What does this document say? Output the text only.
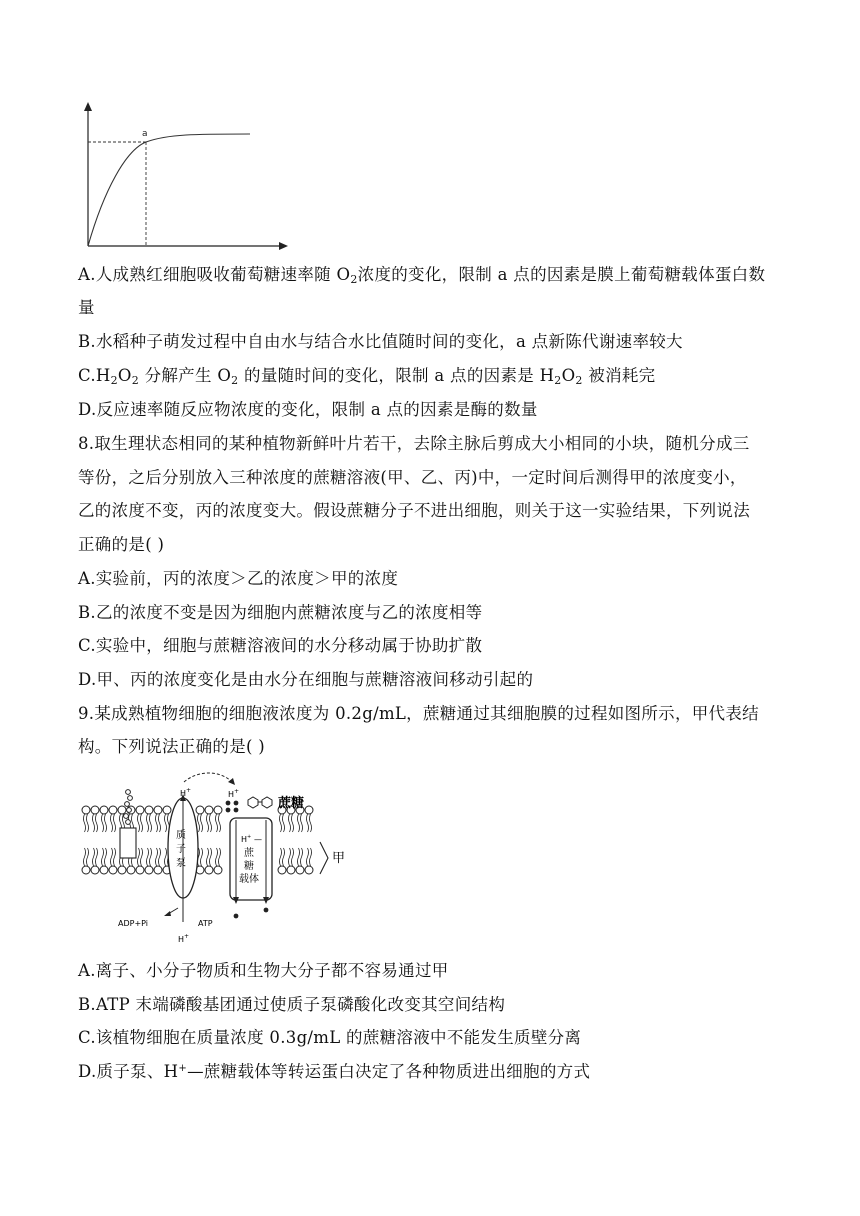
a
A.人成熟红细胞吸收葡萄糖速率随 $O_2$浓度的变化，限制 a 点的因素是膜上葡萄糖载体蛋白数
量
B.水稻种子萌发过程中自由水与结合水比值随时间的变化，a 点新陈代谢速率较大
$C.H_2O_2$ 分解产生 $O_2$ 的量随时间的变化，限制 a 点的因素是 $H_2O_2$ 被消耗完
D.反应速率随反应物浓度的变化，限制 a 点的因素是酶的数量
8.取生理状态相同的某种植物新鲜叶片若干，去除主脉后剪成大小相同的小块，随机分成三
等份，之后分别放入三种浓度的蔗糖溶液(甲、乙、丙)中，一定时间后测得甲的浓度变小，
乙的浓度不变，丙的浓度变大。假设蔗糖分子不进出细胞，则关于这一实验结果，下列说法
正确的是( )
A.实验前，丙的浓度＞乙的浓度＞甲的浓度
B.乙的浓度不变是因为细胞内蔗糖浓度与乙的浓度相等
C.实验中，细胞与蔗糖溶液间的水分移动属于协助扩散
D.甲、丙的浓度变化是由水分在细胞与蔗糖溶液间移动引起的
9.某成熟植物细胞的细胞液浓度为 0.2g/mL，蔗糖通过其细胞膜的过程如图所示，甲代表结
构。下列说法正确的是( )
质
子
泵
H +	H +
蔗糖
H + —
蔗
糖
载体
甲
ADP+Pi	ATP
H +
A.离子、小分子物质和生物大分子都不容易通过甲
B.ATP 末端磷酸基团通过使质子泵磷酸化改变其空间结构
C.该植物细胞在质量浓度 0.3g/mL 的蔗糖溶液中不能发生质壁分离
D.质子泵、H+—蔗糖载体等转运蛋白决定了各种物质进出细胞的方式
